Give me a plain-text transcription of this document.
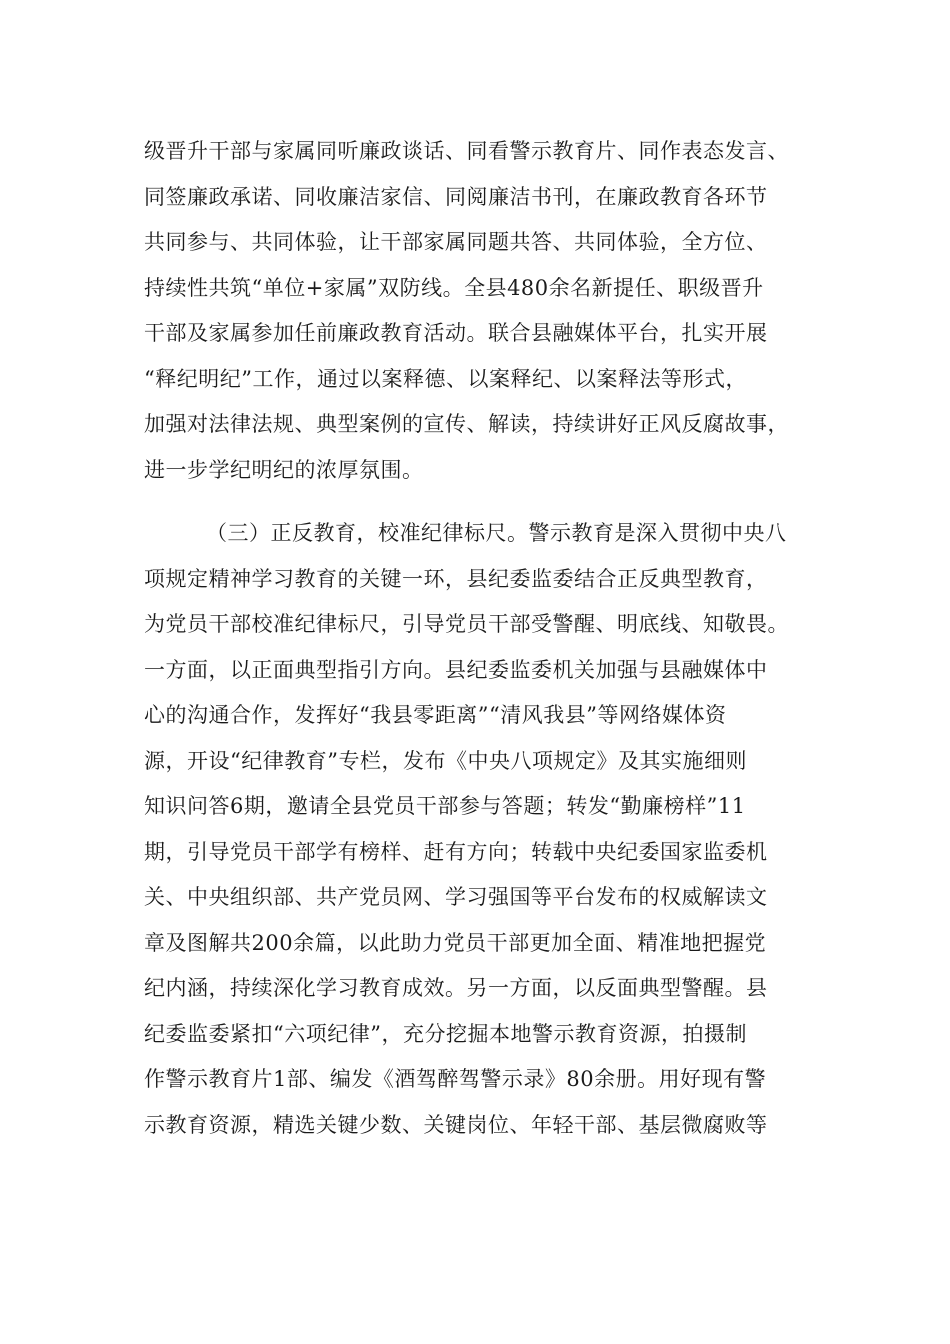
级晋升干部与家属同听廉政谈话、同看警示教育片、同作表态发言、
同签廉政承诺、同收廉洁家信、同阅廉洁书刊，在廉政教育各环节
共同参与、共同体验，让干部家属同题共答、共同体验，全方位、
持续性共筑“单位+家属”双防线。全县480余名新提任、职级晋升
干部及家属参加任前廉政教育活动。联合县融媒体平台，扎实开展
“释纪明纪”工作，通过以案释德、以案释纪、以案释法等形式，
加强对法律法规、典型案例的宣传、解读，持续讲好正风反腐故事，
进一步学纪明纪的浓厚氛围。
（三）正反教育，校准纪律标尺。警示教育是深入贯彻中央八
项规定精神学习教育的关键一环，县纪委监委结合正反典型教育，
为党员干部校准纪律标尺，引导党员干部受警醒、明底线、知敬畏。
一方面，以正面典型指引方向。县纪委监委机关加强与县融媒体中
心的沟通合作，发挥好“我县零距离”“清风我县”等网络媒体资
源，开设“纪律教育”专栏，发布《中央八项规定》及其实施细则
知识问答6期，邀请全县党员干部参与答题；转发“勤廉榜样”11
期，引导党员干部学有榜样、赶有方向；转载中央纪委国家监委机
关、中央组织部、共产党员网、学习强国等平台发布的权威解读文
章及图解共200余篇，以此助力党员干部更加全面、精准地把握党
纪内涵，持续深化学习教育成效。另一方面，以反面典型警醒。县
纪委监委紧扣“六项纪律”，充分挖掘本地警示教育资源，拍摄制
作警示教育片1部、编发《酒驾醉驾警示录》80余册。用好现有警
示教育资源，精选关键少数、关键岗位、年轻干部、基层微腐败等
